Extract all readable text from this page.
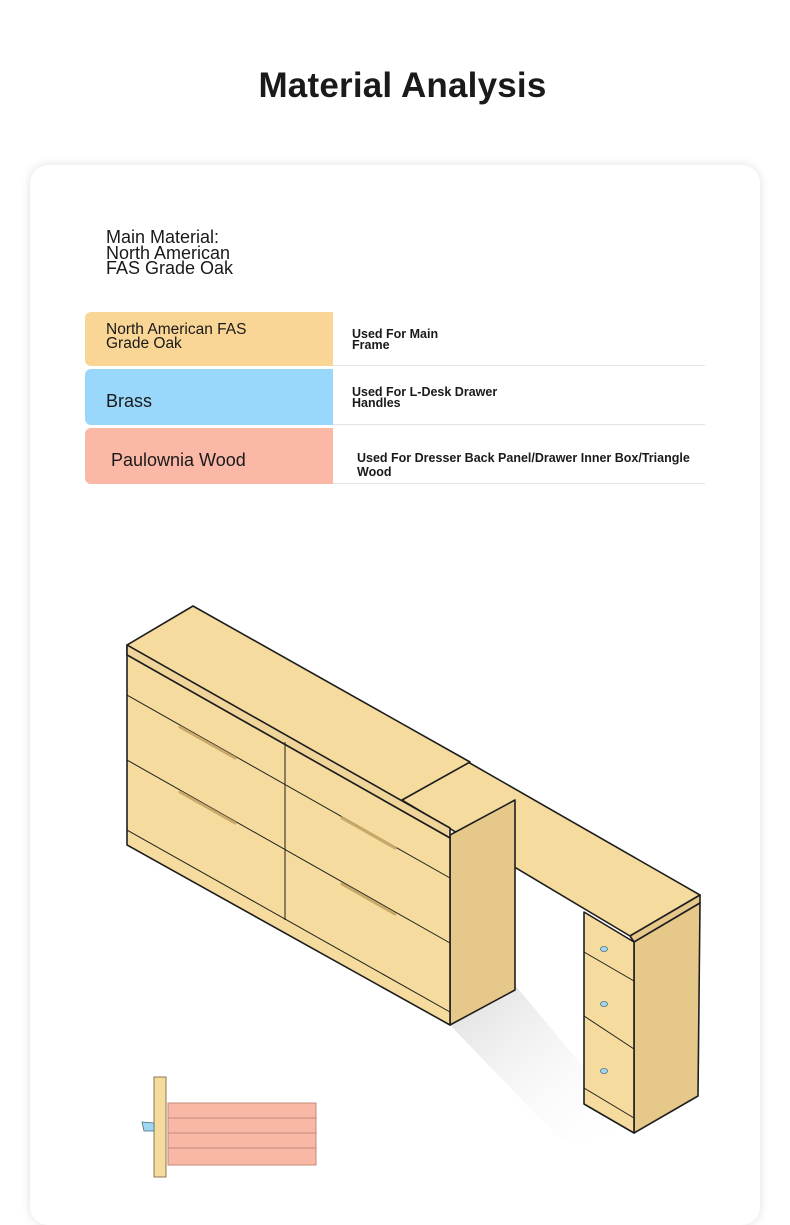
Material Analysis
Main Material:
North American
FAS Grade Oak
North American FAS
Grade Oak
Used For Main
Frame
Brass	Used For L-Desk Drawer
Handles
Paulownia Wood	Used For Dresser Back Panel/Drawer Inner Box/Triangle Wood
